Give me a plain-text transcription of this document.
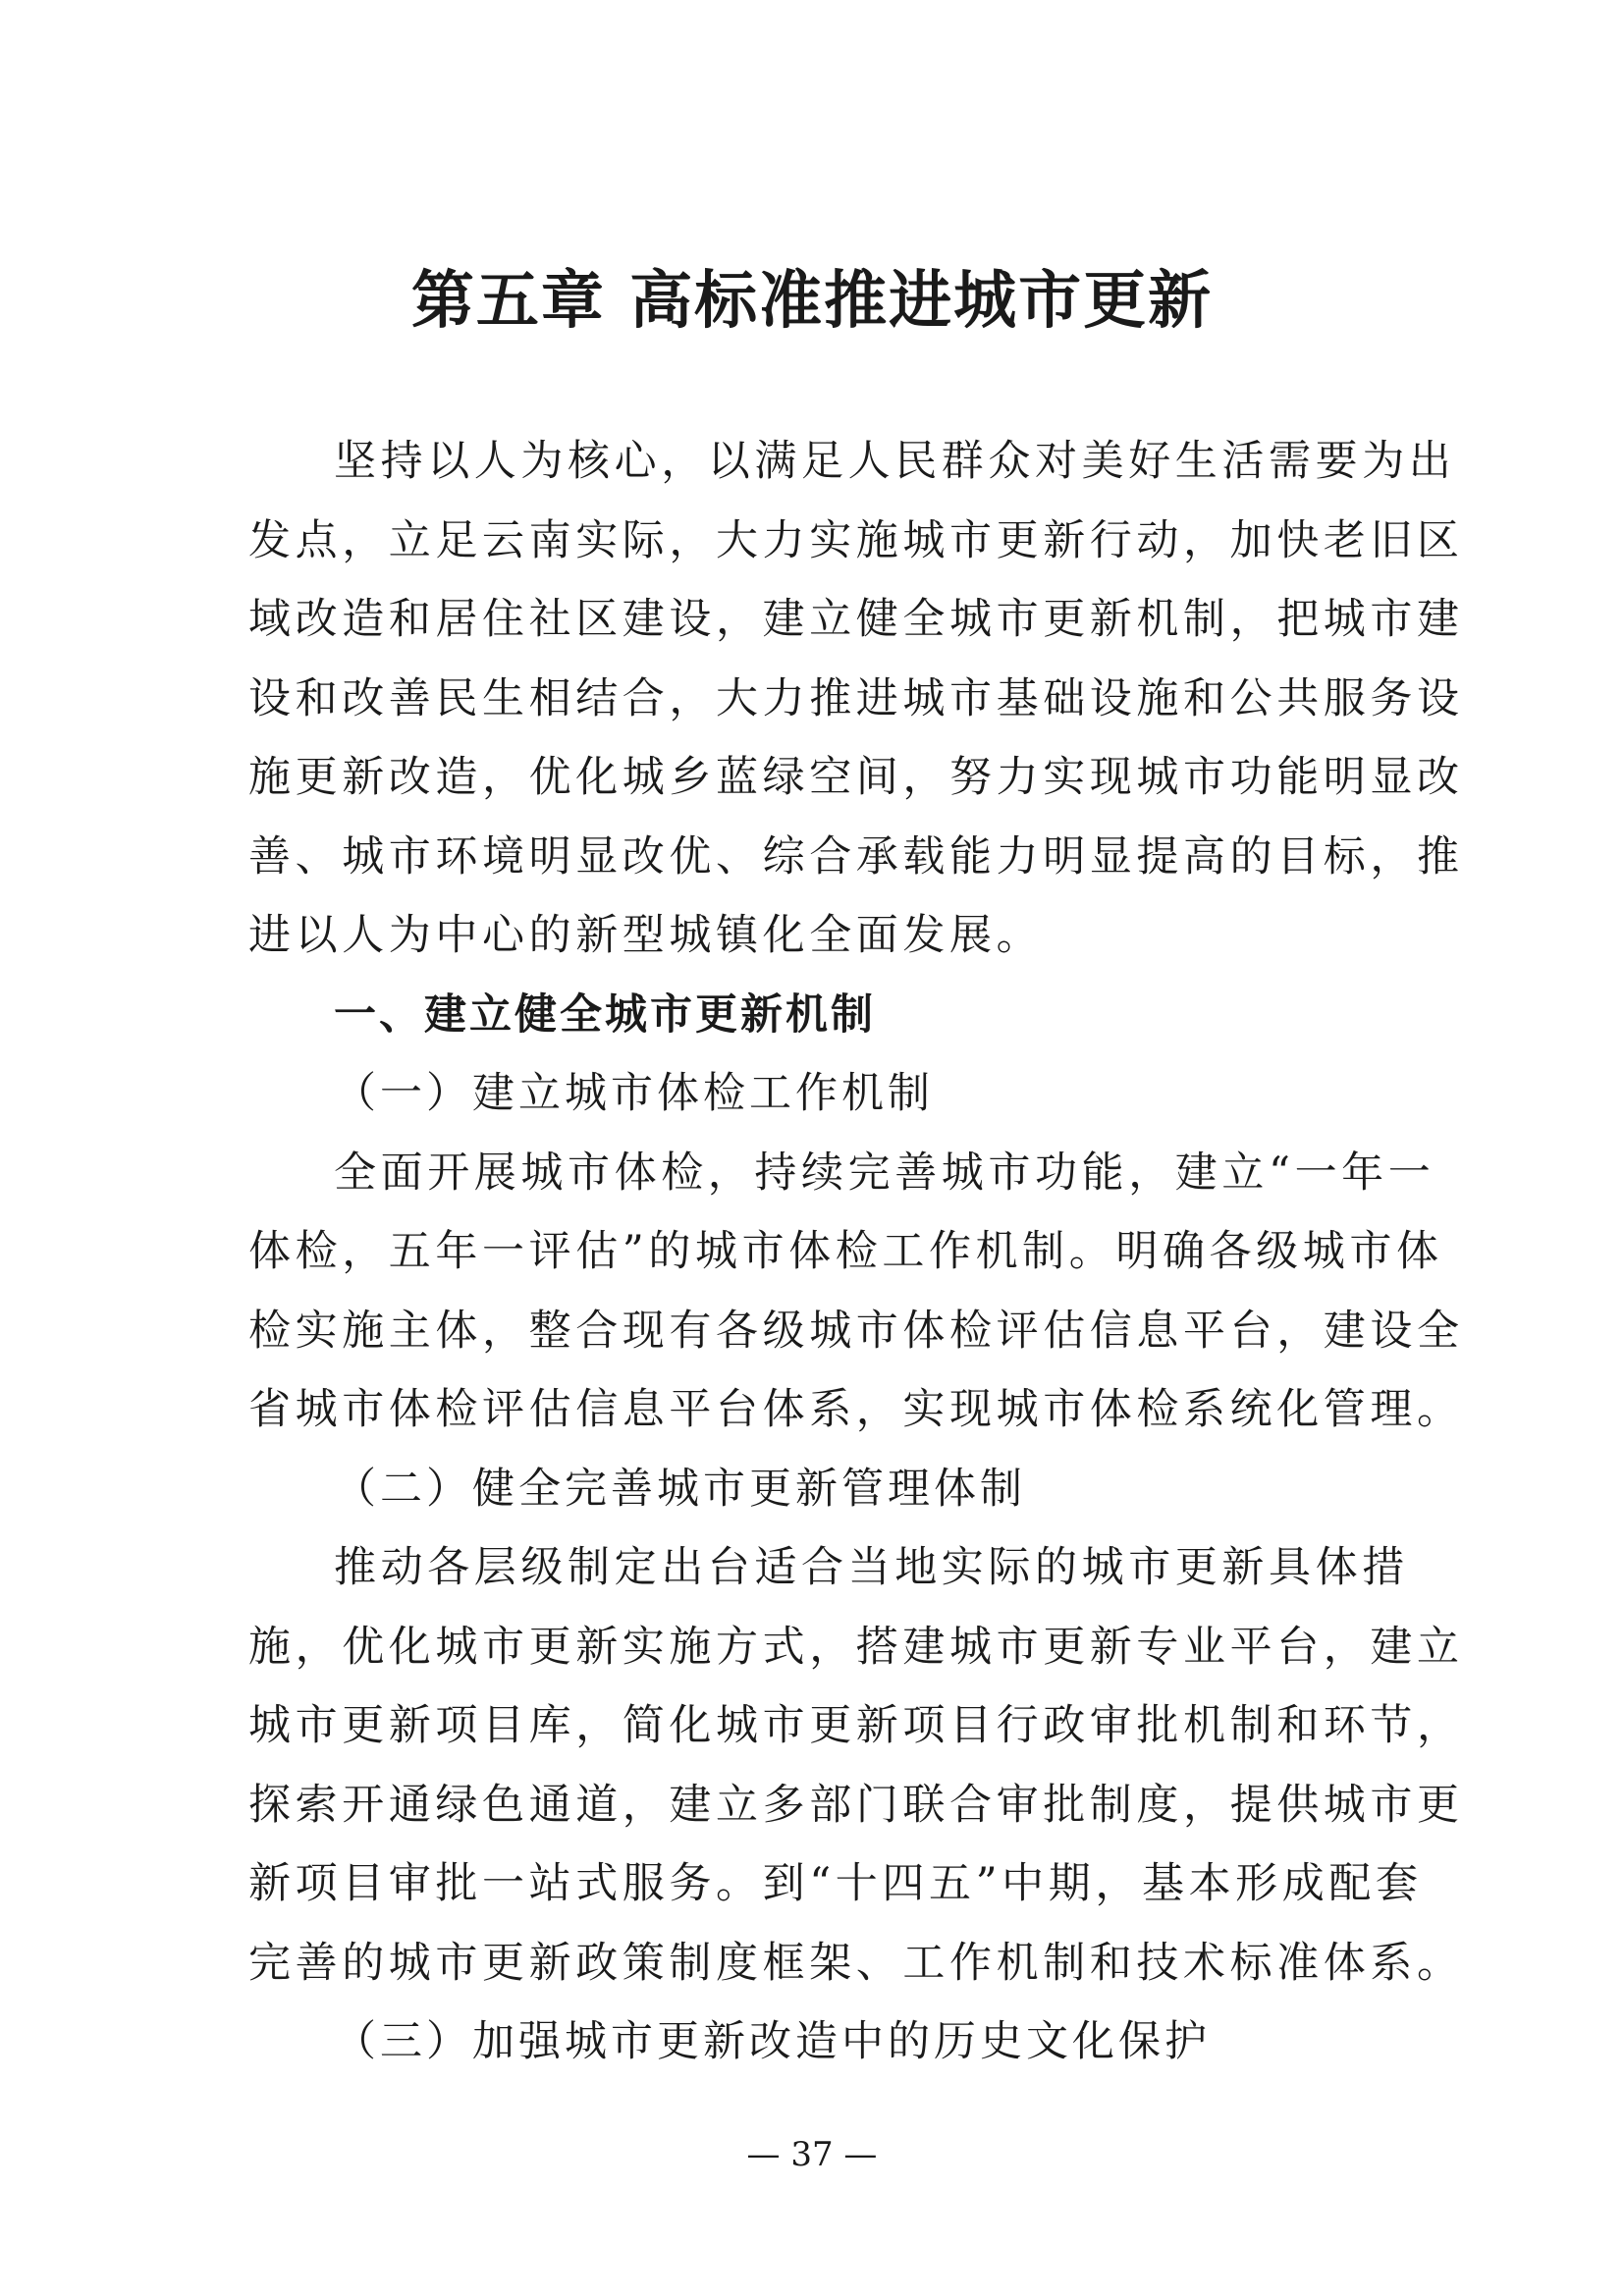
第五章 高标准推进城市更新
坚持以人为核心，以满足人民群众对美好生活需要为出
发点，立足云南实际，大力实施城市更新行动，加快老旧区
域改造和居住社区建设，建立健全城市更新机制，把城市建
设和改善民生相结合，大力推进城市基础设施和公共服务设
施更新改造，优化城乡蓝绿空间，努力实现城市功能明显改
善、城市环境明显改优、综合承载能力明显提高的目标，推
进以人为中心的新型城镇化全面发展。
一、建立健全城市更新机制
（一）建立城市体检工作机制
全面开展城市体检，持续完善城市功能，建立“一年一
体检，五年一评估”的城市体检工作机制。明确各级城市体
检实施主体，整合现有各级城市体检评估信息平台，建设全
省城市体检评估信息平台体系，实现城市体检系统化管理。
（二）健全完善城市更新管理体制
推动各层级制定出台适合当地实际的城市更新具体措
施，优化城市更新实施方式，搭建城市更新专业平台，建立
城市更新项目库，简化城市更新项目行政审批机制和环节，
探索开通绿色通道，建立多部门联合审批制度，提供城市更
新项目审批一站式服务。到“十四五”中期，基本形成配套
完善的城市更新政策制度框架、工作机制和技术标准体系。
（三）加强城市更新改造中的历史文化保护
— 37 —
